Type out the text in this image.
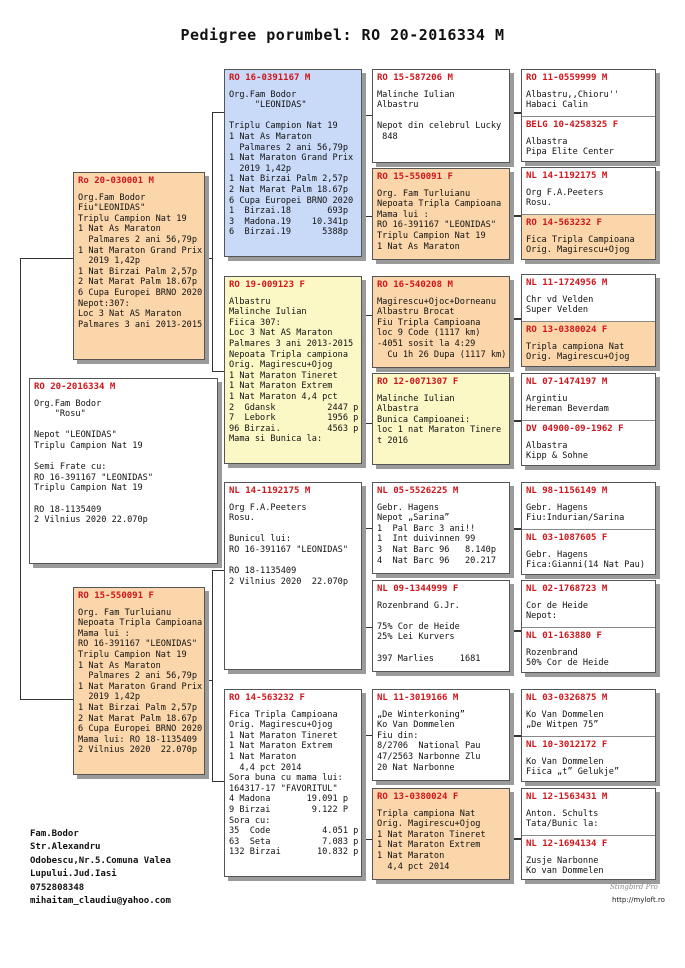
Pedigree porumbel: RO 20-2016334 M
RO 20-2016334 M
Org.Fam Bodor
"Rosu"

Nepot "LEONIDAS"
Triplu Campion Nat 19

Semi Frate cu:
RO 16-391167 "LEONIDAS"
Triplu Campion Nat 19

RO 18-1135409
2 Vilnius 2020 22.070p
Ro 20-030001 M
Org.Fam Bodor
Fiu"LEONIDAS"
Triplu Campion Nat 19
1 Nat As Maraton
Palmares 2 ani 56,79p
1 Nat Maraton Grand Prix
2019 1,42p
1 Nat Birzai Palm 2,57p
2 Nat Marat Palm 18.67p
6 Cupa Europei BRNO 2020
Nepot:307:
Loc 3 Nat AS Maraton
Palmares 3 ani 2013-2015
RO 15-550091 F
Org. Fam Turluianu
Nepoata Tripla Campioana
Mama lui :
RO 16-391167 "LEONIDAS"
Triplu Campion Nat 19
1 Nat As Maraton
Palmares 2 ani 56,79p
1 Nat Maraton Grand Prix
2019 1,42p
1 Nat Birzai Palm 2,57p
2 Nat Marat Palm 18.67p
6 Cupa Europei BRNO 2020
Mama lui: RO 18-1135409
2 Vilnius 2020  22.070p
RO 16-0391167 M
Org.Fam Bodor
"LEONIDAS"

Triplu Campion Nat 19
1 Nat As Maraton
Palmares 2 ani 56,79p
1 Nat Maraton Grand Prix
2019 1,42p
1 Nat Birzai Palm 2,57p
2 Nat Marat Palm 18.67p
6 Cupa Europei BRNO 2020
1  Birzai.18       693p
3  Madona.19    10.341p
6  Birzai.19      5388p
RO 19-009123 F
Albastru
Malinche Iulian
Fiica 307:
Loc 3 Nat AS Maraton
Palmares 3 ani 2013-2015
Nepoata Tripla campiona
Orig. Magirescu+Ojog
1 Nat Maraton Tineret
1 Nat Maraton Extrem
1 Nat Maraton 4,4 pct
2  Gdansk          2447 p
7  Lebork          1956 p
96 Birzai.         4563 p
Mama si Bunica la:
NL 14-1192175 M
Org F.A.Peeters
Rosu.

Bunicul lui:
RO 16-391167 "LEONIDAS"

RO 18-1135409
2 Vilnius 2020  22.070p
RO 14-563232 F
Fica Tripla Campioana
Orig. Magirescu+Ojog
1 Nat Maraton Tineret
1 Nat Maraton Extrem
1 Nat Maraton
4,4 pct 2014
Sora buna cu mama lui:
164317-17 "FAVORITUL"
4 Madona       19.091 p
9 Birzai        9.122 P
Sora cu:
35  Code          4.051 p
63  Seta          7.083 p
132 Birzai       10.832 p
RO 15-587206 M
Malinche Iulian
Albastru

Nepot din celebrul Lucky
848
RO 15-550091 F
Org. Fam Turluianu
Nepoata Tripla Campioana
Mama lui :
RO 16-391167 "LEONIDAS"
Triplu Campion Nat 19
1 Nat As Maraton
RO 16-540208 M
Magirescu+Ojoc+Dorneanu
Albastru Brocat
Fiu Tripla Campioana
loc 9 Code (1117 km)
-4051 sosit la 4:29
Cu 1h 26 Dupa (1117 km)
RO 12-0071307 F
Malinche Iulian
Albastra
Bunica Campioanei:
loc 1 nat Maraton Tinere
t 2016
NL 05-5526225 M
Gebr. Hagens
Nepot „Sarina”
1  Pal Barc 3 ani!!
1  Int duivinnen 99
3  Nat Barc 96   8.140p
4  Nat Barc 96   20.217
NL 09-1344999 F
Rozenbrand G.Jr.

75% Cor de Heide
25% Lei Kurvers

397 Marlies     1681
NL 11-3019166 M
„De Winterkoning”
Ko Van Dommelen
Fiu din:
8/2706  National Pau
47/2563 Narbonne Zlu
20 Nat Narbonne
RO 13-0380024 F
Tripla campiona Nat
Orig. Magirescu+Ojog
1 Nat Maraton Tineret
1 Nat Maraton Extrem
1 Nat Maraton
4,4 pct 2014
RO 11-0559999 M
Albastru,,Chioru''
Habaci Calin
BELG 10-4258325 F
Albastra
Pipa Elite Center
NL 14-1192175 M
Org F.A.Peeters
Rosu.
RO 14-563232 F
Fica Tripla Campioana
Orig. Magirescu+Ojog
NL 11-1724956 M
Chr vd Velden
Super Velden
RO 13-0380024 F
Tripla campiona Nat
Orig. Magirescu+Ojog
NL 07-1474197 M
Argintiu
Hereman Beverdam
DV 04900-09-1962 F
Albastra
Kipp & Sohne
NL 98-1156149 M
Gebr. Hagens
Fiu:Indurian/Sarina
NL 03-1087605 F
Gebr. Hagens
Fica:Gianni(14 Nat Pau)
NL 02-1768723 M
Cor de Heide
Nepot:
NL 01-163880 F
Rozenbrand
50% Cor de Heide
NL 03-0326875 M
Ko Van Dommelen
„De Witpen 75”
NL 10-3012172 F
Ko Van Dommelen
Fiica „t” Gelukje”
NL 12-1563431 M
Anton. Schults
Tata/Bunic la:
NL 12-1694134 F
Zusje Narbonne
Ko van Dommelen
Fam.Bodor
Str.Alexandru
Odobescu,Nr.5.Comuna Valea
Lupului.Jud.Iasi
0752808348
mihaitam_claudiu@yahoo.com
Stingbird Pro
http://myloft.ro
